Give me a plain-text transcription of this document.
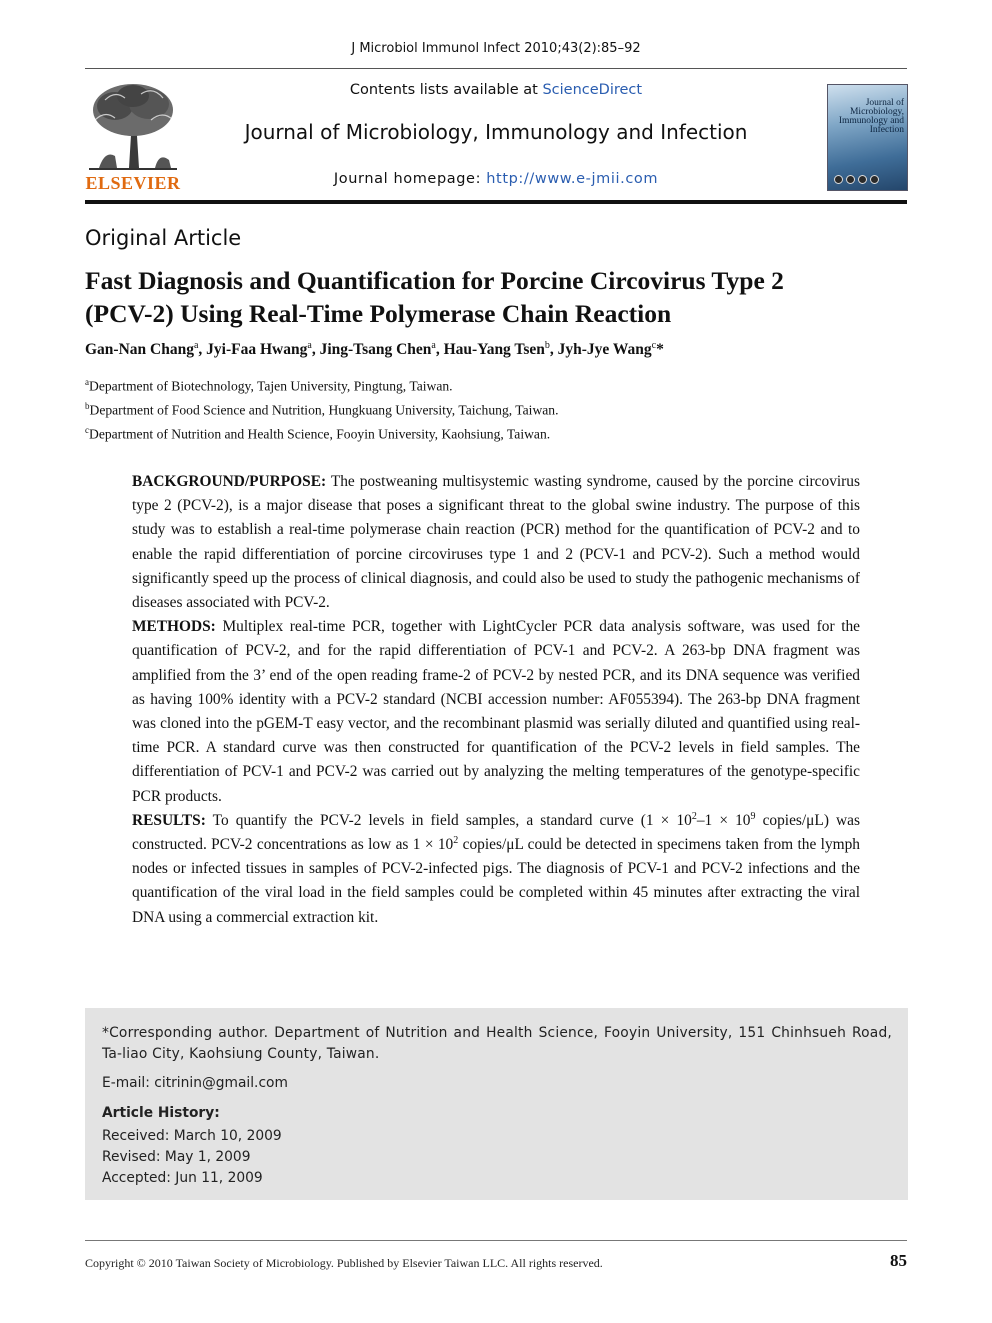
J Microbiol Immunol Infect 2010;43(2):85–92
ELSEVIER
Contents lists available at ScienceDirect
Journal of Microbiology, Immunology and Infection
Journal homepage: http://www.e-jmii.com
Journal of Microbiology, Immunology and Infection
Original Article
Fast Diagnosis and Quantification for Porcine Circovirus Type 2 (PCV-2) Using Real-Time Polymerase Chain Reaction
Gan-Nan Chang$^a$, Jyi-Faa Hwang$^a$, Jing-Tsang Chen$^a$, Hau-Yang Tsen$^b$, Jyh-Jye Wang$^c$*
$^a$Department of Biotechnology, Tajen University, Pingtung, Taiwan.
$^b$Department of Food Science and Nutrition, Hungkuang University, Taichung, Taiwan.
$^c$Department of Nutrition and Health Science, Fooyin University, Kaohsiung, Taiwan.

BACKGROUND/PURPOSE: The postweaning multisystemic wasting syndrome, caused by the porcine circovirus type 2 (PCV-2), is a major disease that poses a significant threat to the global swine industry. The purpose of this study was to establish a real-time polymerase chain reaction (PCR) method for the quantification of PCV-2 and to enable the rapid differentiation of porcine circoviruses type 1 and 2 (PCV-1 and PCV-2). Such a method would significantly speed up the process of clinical diagnosis, and could also be used to study the pathogenic mechanisms of diseases associated with PCV-2.

METHODS: Multiplex real-time PCR, together with LightCycler PCR data analysis software, was used for the quantification of PCV-2, and for the rapid differentiation of PCV-1 and PCV-2. A 263-bp DNA fragment was amplified from the 3’ end of the open reading frame-2 of PCV-2 by nested PCR, and its DNA sequence was verified as having 100% identity with a PCV-2 standard (NCBI accession number: AF055394). The 263-bp DNA fragment was cloned into the pGEM-T easy vector, and the recombinant plasmid was serially diluted and quantified using real-time PCR. A standard curve was then constructed for quantification of the PCV-2 levels in field samples. The differentiation of PCV-1 and PCV-2 was carried out by analyzing the melting temperatures of the genotype-specific PCR products.

RESULTS: To quantify the PCV-2 levels in field samples, a standard curve ($1 \times 10^2-1 \times 10^9$ copies/μL) was constructed. PCV-2 concentrations as low as $1 \times 10^2$ copies/μL could be detected in specimens taken from the lymph nodes or infected tissues in samples of PCV-2-infected pigs. The diagnosis of PCV-1 and PCV-2 infections and the quantification of the viral load in the field samples could be completed within 45 minutes after extracting the viral DNA using a commercial extraction kit.

*Corresponding author. Department of Nutrition and Health Science, Fooyin University, 151 Chinhsueh Road, Ta-liao City, Kaohsiung County, Taiwan.
E-mail: citrinin@gmail.com
Article History:
Received: March 10, 2009
Revised: May 1, 2009
Accepted: Jun 11, 2009
Copyright © 2010 Taiwan Society of Microbiology. Published by Elsevier Taiwan LLC. All rights reserved.	85
